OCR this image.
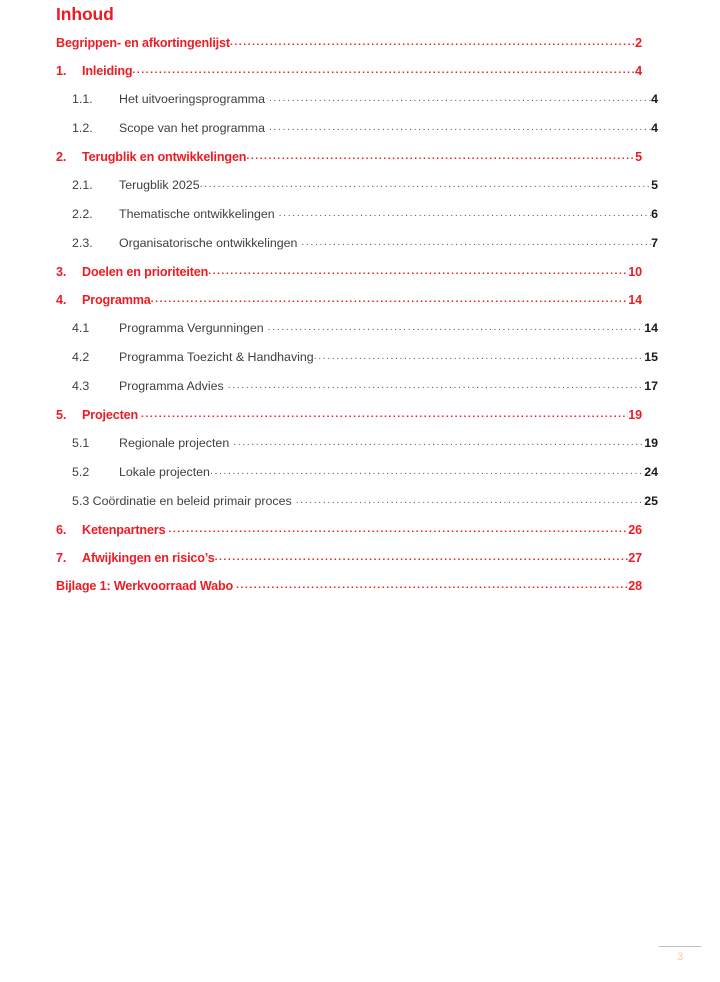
Inhoud
Begrippen- en afkortingenlijst .....	2
1.	Inleiding .....	4
1.1.	Het uitvoeringsprogramma .....	4
1.2.	Scope van het programma .....	4
2.	Terugblik en ontwikkelingen .....	5
2.1.	Terugblik 2025 .....	5
2.2.	Thematische ontwikkelingen .....	6
2.3.	Organisatorische ontwikkelingen .....	7
3.	Doelen en prioriteiten .....	10
4.	Programma .....	14
4.1	Programma Vergunningen .....	14
4.2	Programma Toezicht & Handhaving .....	15
4.3	Programma Advies .....	17
5.	Projecten .....	19
5.1	Regionale projecten .....	19
5.2	Lokale projecten .....	24
5.3 Coördinatie en beleid primair proces .....	25
6.	Ketenpartners .....	26
7.	Afwijkingen en risico’s .....	27
Bijlage 1: Werkvoorraad Wabo .....	28
3
